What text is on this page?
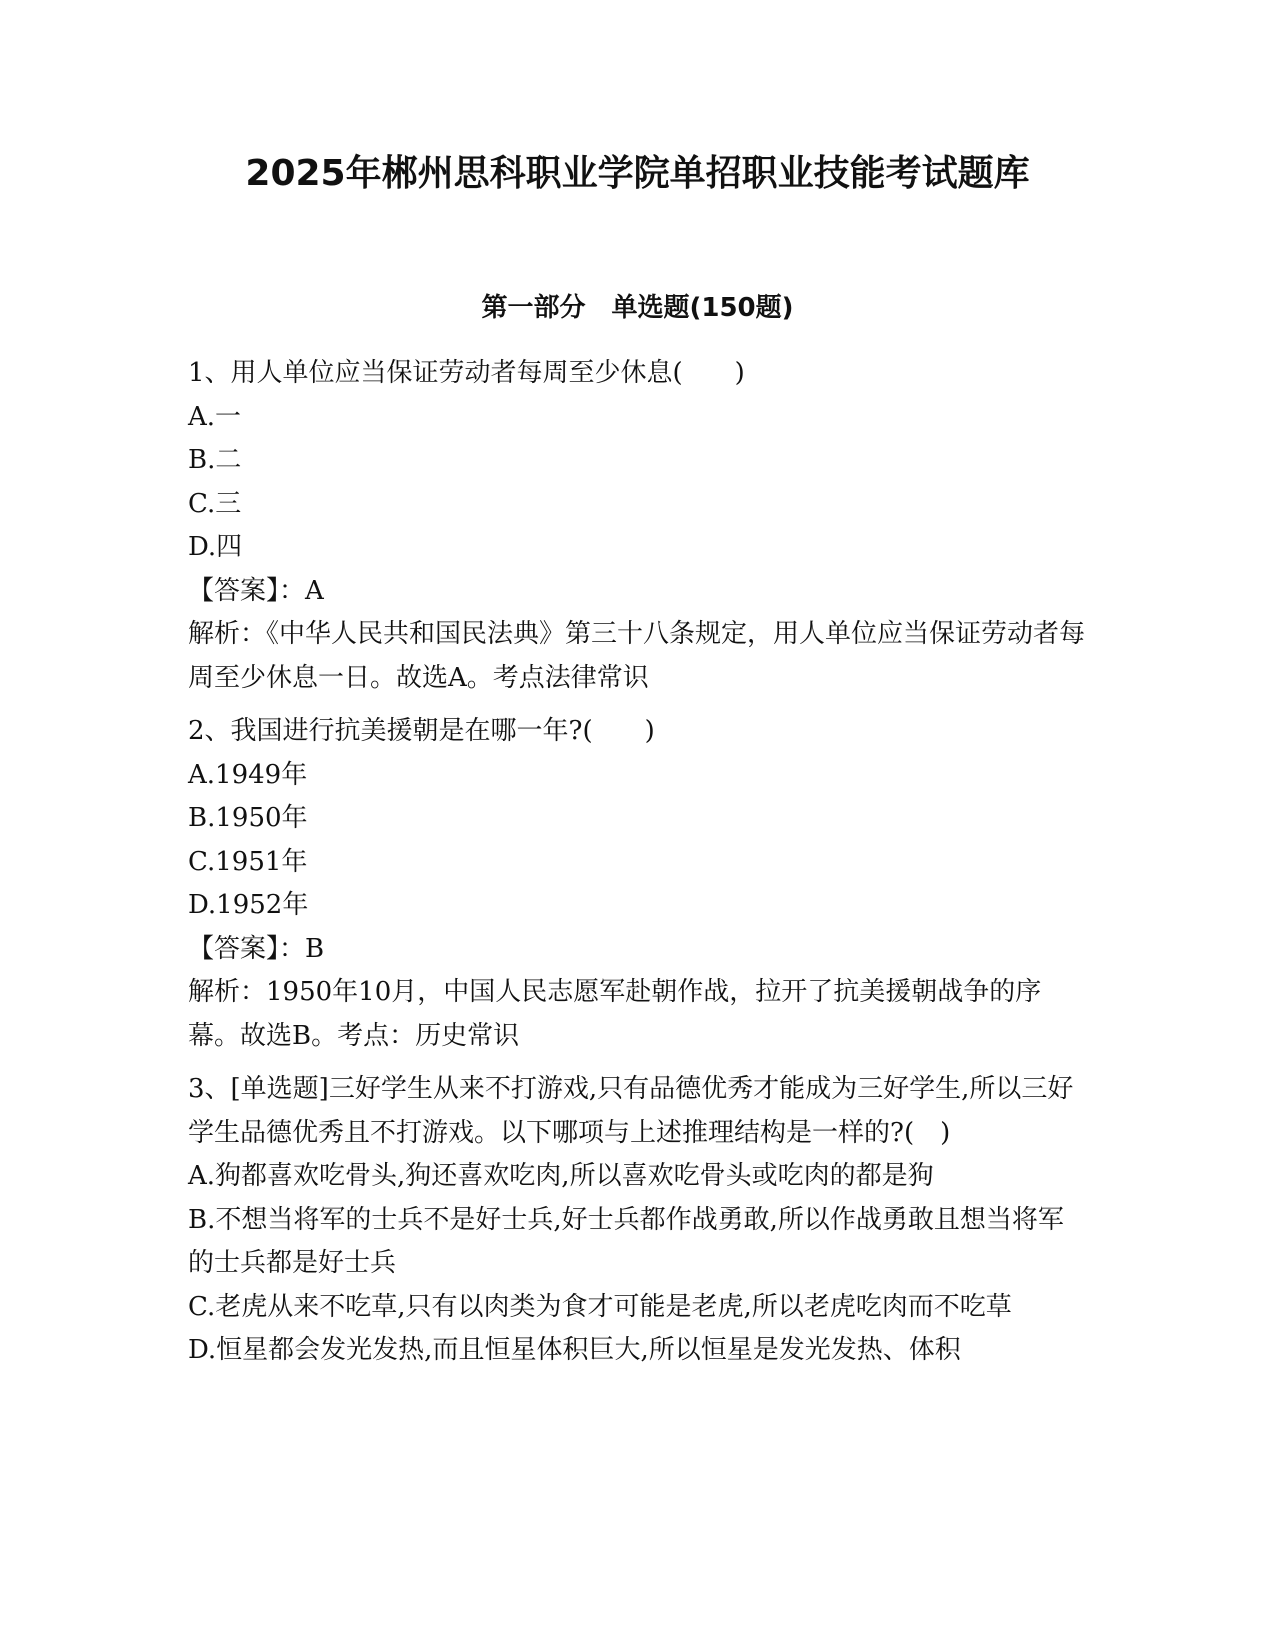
2025年郴州思科职业学院单招职业技能考试题库
第一部分　单选题(150题)

1、用人单位应当保证劳动者每周至少休息(　　)

A.一

B.二

C.三

D.四

【答案】：A

解析：《中华人民共和国民法典》第三十八条规定，用人单位应当保证劳动者每周至少休息一日。故选A。考点法律常识

2、我国进行抗美援朝是在哪一年?(　　)

A.1949年

B.1950年

C.1951年

D.1952年

【答案】：B

解析：1950年10月，中国人民志愿军赴朝作战，拉开了抗美援朝战争的序幕。故选B。考点：历史常识

3、[单选题]三好学生从来不打游戏,只有品德优秀才能成为三好学生,所以三好学生品德优秀且不打游戏。以下哪项与上述推理结构是一样的?(　)

A.狗都喜欢吃骨头,狗还喜欢吃肉,所以喜欢吃骨头或吃肉的都是狗

B.不想当将军的士兵不是好士兵,好士兵都作战勇敢,所以作战勇敢且想当将军的士兵都是好士兵

C.老虎从来不吃草,只有以肉类为食才可能是老虎,所以老虎吃肉而不吃草

D.恒星都会发光发热,而且恒星体积巨大,所以恒星是发光发热、体积
